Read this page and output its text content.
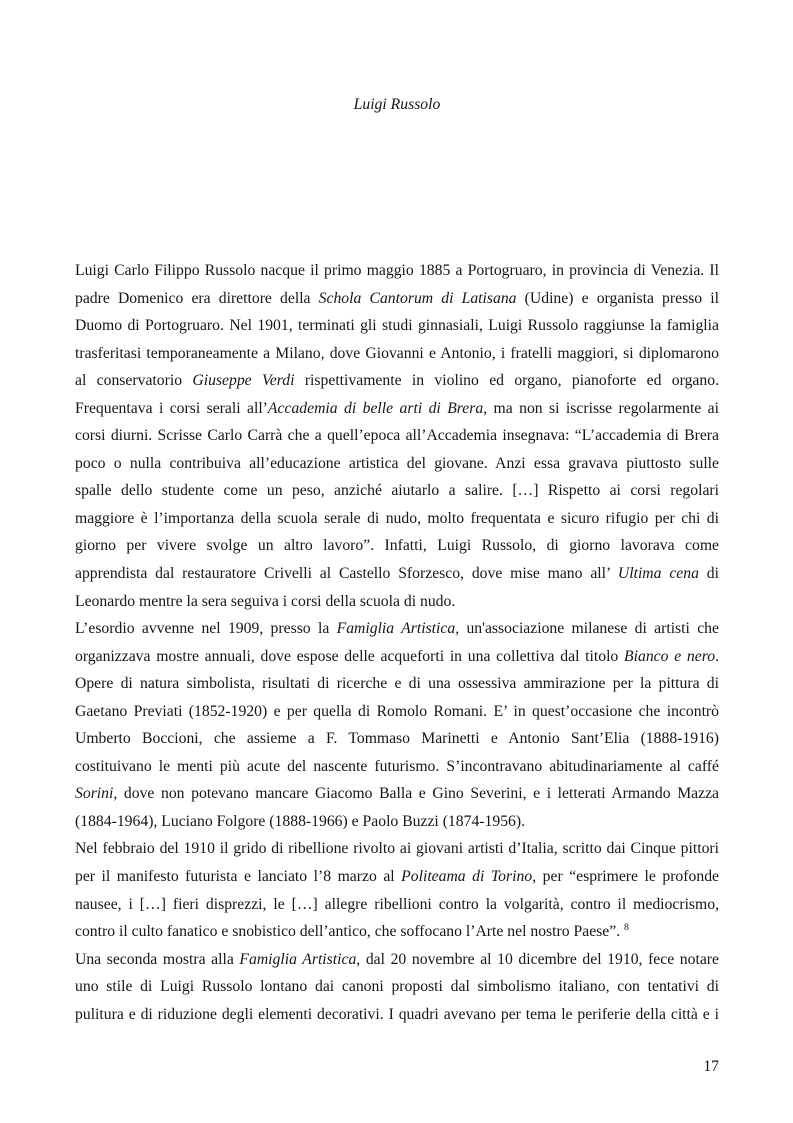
Luigi Russolo
Luigi Carlo Filippo Russolo nacque il primo maggio 1885 a Portogruaro, in provincia di Venezia. Il
padre Domenico era direttore della Schola Cantorum di Latisana (Udine) e organista presso il
Duomo di Portogruaro. Nel 1901, terminati gli studi ginnasiali, Luigi Russolo raggiunse la famiglia
trasferitasi temporaneamente a Milano, dove Giovanni e Antonio, i fratelli maggiori, si diplomarono
al conservatorio Giuseppe Verdi rispettivamente in violino ed organo, pianoforte ed organo.
Frequentava i corsi serali all’Accademia di belle arti di Brera, ma non si iscrisse regolarmente ai
corsi diurni. Scrisse Carlo Carrà che a quell’epoca all’Accademia insegnava: “L’accademia di Brera
poco o nulla contribuiva all’educazione artistica del giovane. Anzi essa gravava piuttosto sulle
spalle dello studente come un peso, anziché aiutarlo a salire. […] Rispetto ai corsi regolari
maggiore è l’importanza della scuola serale di nudo, molto frequentata e sicuro rifugio per chi di
giorno per vivere svolge un altro lavoro”. Infatti, Luigi Russolo, di giorno lavorava come
apprendista dal restauratore Crivelli al Castello Sforzesco, dove mise mano all’ Ultima cena di
Leonardo mentre la sera seguiva i corsi della scuola di nudo.
L’esordio avvenne nel 1909, presso la Famiglia Artistica, un'associazione milanese di artisti che
organizzava mostre annuali, dove espose delle acqueforti in una collettiva dal titolo Bianco e nero.
Opere di natura simbolista, risultati di ricerche e di una ossessiva ammirazione per la pittura di
Gaetano Previati (1852-1920) e per quella di Romolo Romani. E’ in quest’occasione che incontrò
Umberto Boccioni, che assieme a F. Tommaso Marinetti e Antonio Sant’Elia (1888-1916)
costituivano le menti più acute del nascente futurismo. S’incontravano abitudinariamente al caffé
Sorini, dove non potevano mancare Giacomo Balla e Gino Severini, e i letterati Armando Mazza
(1884-1964), Luciano Folgore (1888-1966) e Paolo Buzzi (1874-1956).
Nel febbraio del 1910 il grido di ribellione rivolto ai giovani artisti d’Italia, scritto dai Cinque pittori
per il manifesto futurista e lanciato l’8 marzo al Politeama di Torino, per “esprimere le profonde
nausee, i […] fieri disprezzi, le […] allegre ribellioni contro la volgarità, contro il mediocrismo,
contro il culto fanatico e snobistico dell’antico, che soffocano l’Arte nel nostro Paese”. $^8$
Una seconda mostra alla Famiglia Artistica, dal 20 novembre al 10 dicembre del 1910, fece notare
uno stile di Luigi Russolo lontano dai canoni proposti dal simbolismo italiano, con tentativi di
pulitura e di riduzione degli elementi decorativi. I quadri avevano per tema le periferie della città e i
17
